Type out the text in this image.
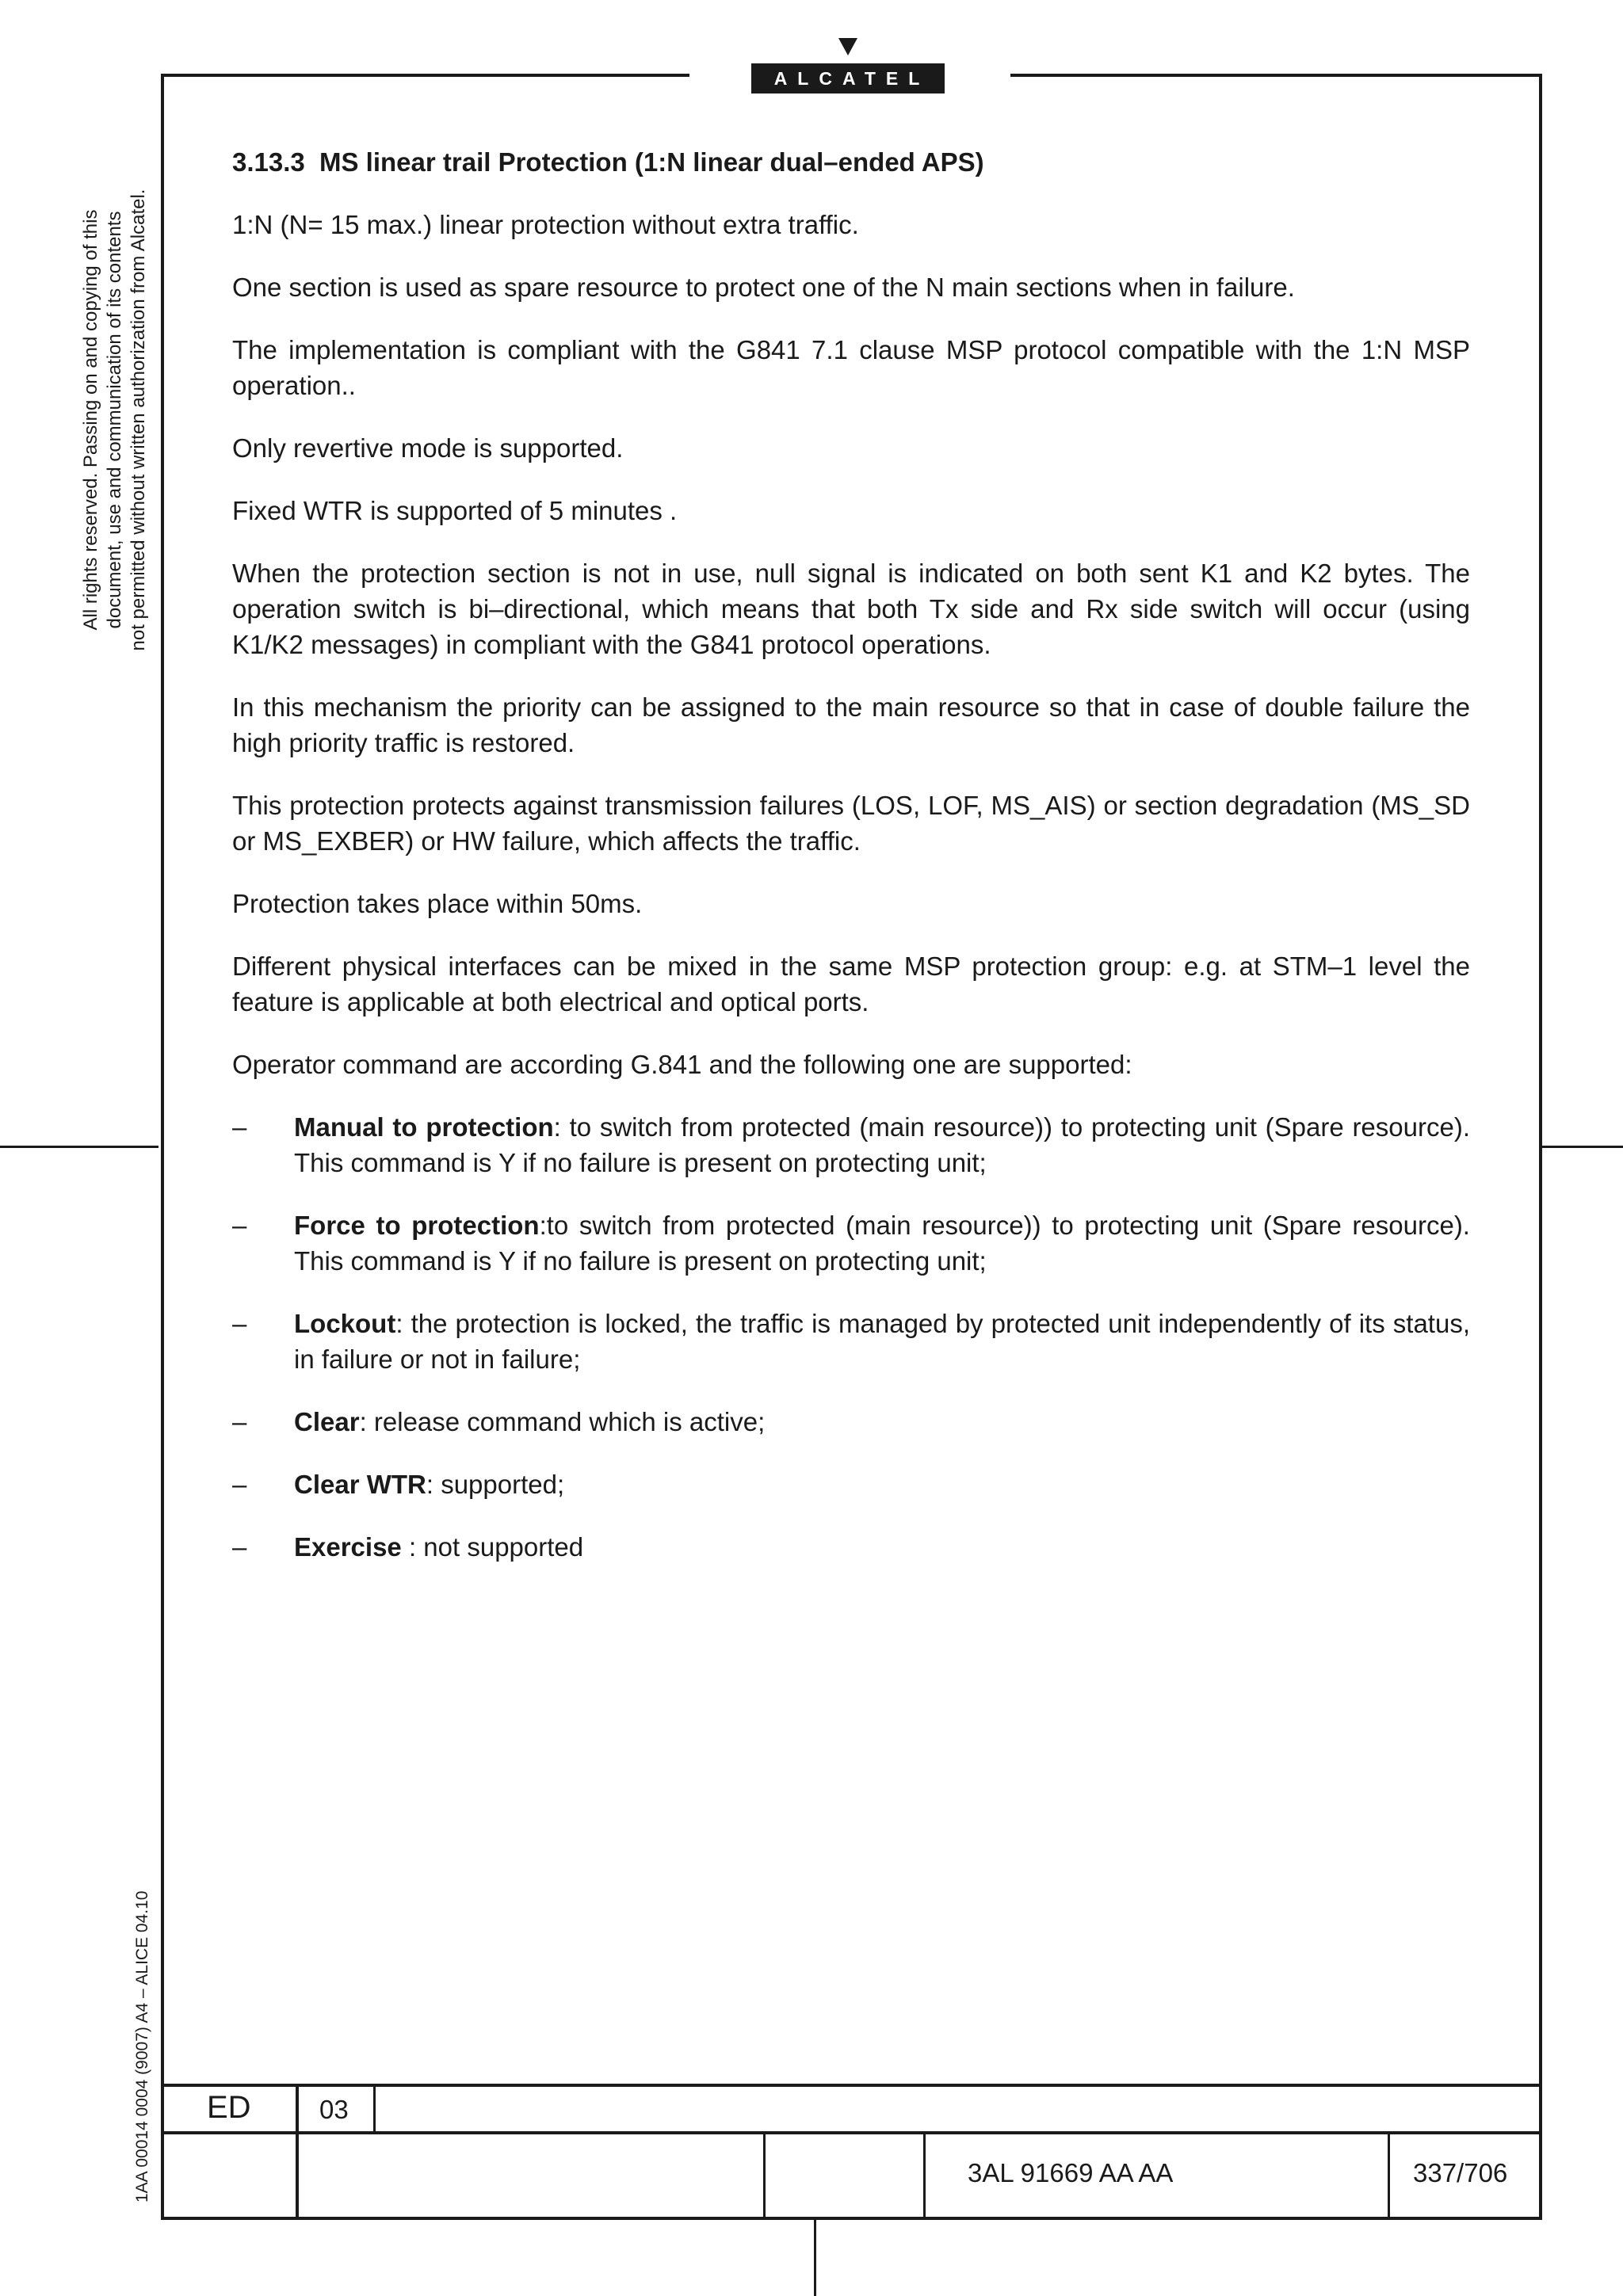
ALCATEL
All rights reserved. Passing on and copying of this document, use and communication of its contents not permitted without written authorization from Alcatel.
1AA 00014 0004 (9007) A4 – ALICE 04.10
3.13.3 MS linear trail Protection (1:N linear dual–ended APS)

1:N (N= 15 max.) linear protection without extra traffic.

One section is used as spare resource to protect one of the N main sections when in failure.

The implementation is compliant with the G841 7.1 clause MSP protocol compatible with the 1:N MSP operation..

Only revertive mode is supported.

Fixed WTR is supported of 5 minutes .

When the protection section is not in use, null signal is indicated on both sent K1 and K2 bytes. The operation switch is bi–directional, which means that both Tx side and Rx side switch will occur (using K1/K2 messages) in compliant with the G841 protocol operations.

In this mechanism the priority can be assigned to the main resource so that in case of double failure the high priority traffic is restored.

This protection protects against transmission failures (LOS, LOF, MS_AIS) or section degradation (MS_SD or MS_EXBER) or HW failure, which affects the traffic.

Protection takes place within 50ms.

Different physical interfaces can be mixed in the same MSP protection group: e.g. at STM–1 level the feature is applicable at both electrical and optical ports.

Operator command are according G.841 and the following one are supported:

–	Manual to protection: to switch from protected (main resource)) to protecting unit (Spare resource). This command is Y if no failure is present on protecting unit;
–	Force to protection:to switch from protected (main resource)) to protecting unit (Spare resource). This command is Y if no failure is present on protecting unit;
–	Lockout: the protection is locked, the traffic is managed by protected unit independently of its status, in failure or not in failure;
–	Clear: release command which is active;
–	Clear WTR: supported;
–	Exercise : not supported
ED	03
3AL 91669 AA AA	337/706
